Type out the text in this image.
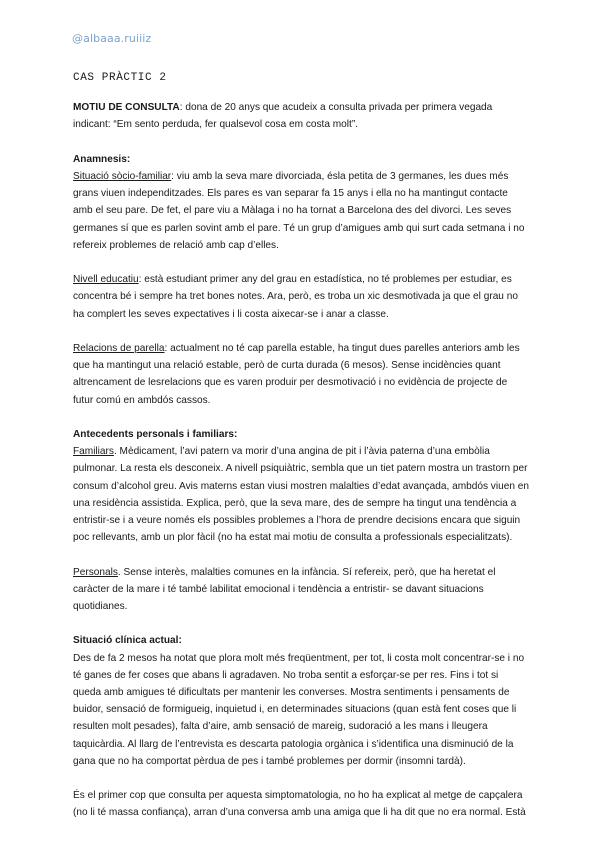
@albaaa.ruiiiz
CAS PRÀCTIC 2

MOTIU DE CONSULTA: dona de 20 anys que acudeix a consulta privada per primera vegada indicant: “Em sento perduda, fer qualsevol cosa em costa molt”.

Anamnesis:

Situació sòcio-familiar: viu amb la seva mare divorciada, ésla petita de 3 germanes, les dues més grans viuen independitzades. Els pares es van separar fa 15 anys i ella no ha mantingut contacte amb el seu pare. De fet, el pare viu a Màlaga i no ha tornat a Barcelona des del divorci. Les seves germanes sí que es parlen sovint amb el pare. Té un grup d’amigues amb qui surt cada setmana i no refereix problemes de relació amb cap d’elles.

Nivell educatiu: està estudiant primer any del grau en estadística, no té problemes per estudiar, es concentra bé i sempre ha tret bones notes. Ara, però, es troba un xic desmotivada ja que el grau no ha complert les seves expectatives i li costa aixecar-se i anar a classe.

Relacions de parella: actualment no té cap parella estable, ha tingut dues parelles anteriors amb les que ha mantingut una relació estable, però de curta durada (6 mesos). Sense incidències quant altrencament de lesrelacions que es varen produir per desmotivació i no evidència de projecte de futur comú en ambdós cassos.

Antecedents personals i familiars:

Familiars. Mèdicament, l’avi patern va morir d’una angina de pit i l’àvia paterna d’una embòlia pulmonar. La resta els desconeix. A nivell psiquiàtric, sembla que un tiet patern mostra un trastorn per consum d’alcohol greu. Avis materns estan viusi mostren malalties d’edat avançada, ambdós viuen en una residència assistida. Explica, però, que la seva mare, des de sempre ha tingut una tendència a entristir-se i a veure només els possibles problemes a l’hora de prendre decisions encara que siguin poc rellevants, amb un plor fàcil (no ha estat mai motiu de consulta a professionals especialitzats).

Personals. Sense interès, malalties comunes en la infància. Sí refereix, però, que ha heretat el caràcter de la mare i té també labilitat emocional i tendència a entristir- se davant situacions quotidianes.

Situació clínica actual:

Des de fa 2 mesos ha notat que plora molt més freqüentment, per tot, li costa molt concentrar-se i no té ganes de fer coses que abans li agradaven. No troba sentit a esforçar-se per res. Fins i tot si queda amb amigues té dificultats per mantenir les converses. Mostra sentiments i pensaments de buidor, sensació de formigueig, inquietud i, en determinades situacions (quan està fent coses que li resulten molt pesades), falta d’aire, amb sensació de mareig, sudoració a les mans i lleugera taquicàrdia. Al llarg de l’entrevista es descarta patologia orgànica i s’identifica una disminució de la gana que no ha comportat pèrdua de pes i també problemes per dormir (insomni tardà).

És el primer cop que consulta per aquesta simptomatologia, no ho ha explicat al metge de capçalera (no li té massa confiança), arran d’una conversa amb una amiga que li ha dit que no era normal. Està
